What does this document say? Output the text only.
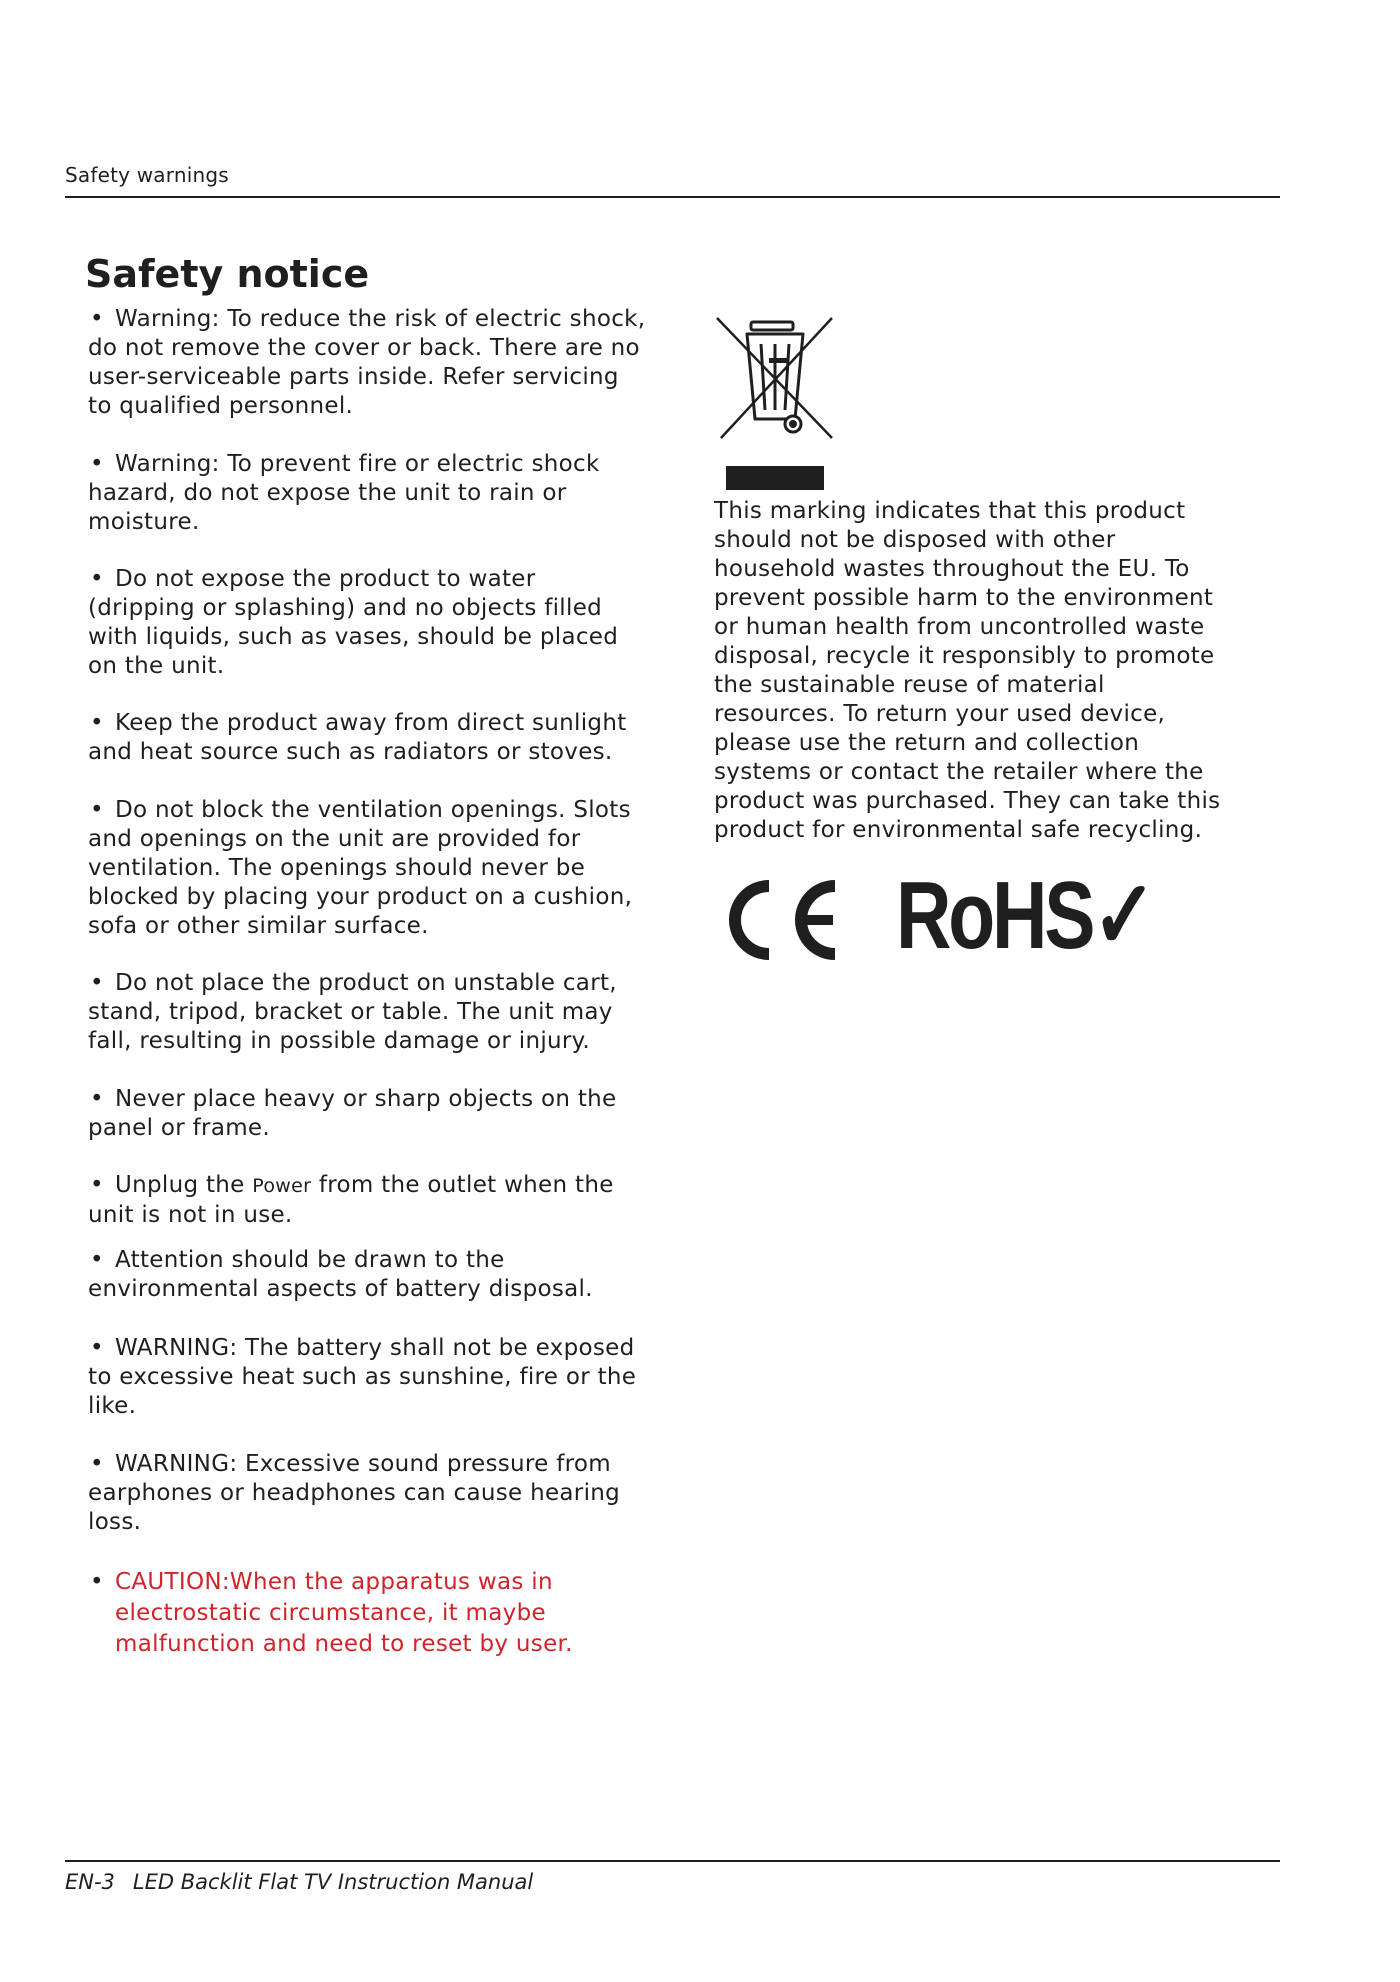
Safety warnings
Safety notice

• Warning: To reduce the risk of electric shock, do not remove the cover or back. There are no user-serviceable parts inside. Refer servicing to qualified personnel.

• Warning: To prevent fire or electric shock hazard, do not expose the unit to rain or moisture.

• Do not expose the product to water (dripping or splashing) and no objects filled with liquids, such as vases, should be placed on the unit.

• Keep the product away from direct sunlight and heat source such as radiators or stoves.

• Do not block the ventilation openings. Slots and openings on the unit are provided for ventilation. The openings should never be blocked by placing your product on a cushion, sofa or other similar surface.

• Do not place the product on unstable cart, stand, tripod, bracket or table. The unit may fall, resulting in possible damage or injury.

• Never place heavy or sharp objects on the panel or frame.

• Unplug the Power from the outlet when the unit is not in use.

• Attention should be drawn to the environmental aspects of battery disposal.

• WARNING: The battery shall not be exposed to excessive heat such as sunshine, fire or the like.

• WARNING: Excessive sound pressure from earphones or headphones can cause hearing loss.

• CAUTION:When the apparatus was in electrostatic circumstance, it maybe malfunction and need to reset by user.

This marking indicates that this product should not be disposed with other household wastes throughout the EU. To prevent possible harm to the environment or human health from uncontrolled waste disposal, recycle it responsibly to promote the sustainable reuse of material resources. To return your used device, please use the return and collection systems or contact the retailer where the product was purchased. They can take this product for environmental safe recycling.

RoHS✓
EN-3 LED Backlit Flat TV Instruction Manual
